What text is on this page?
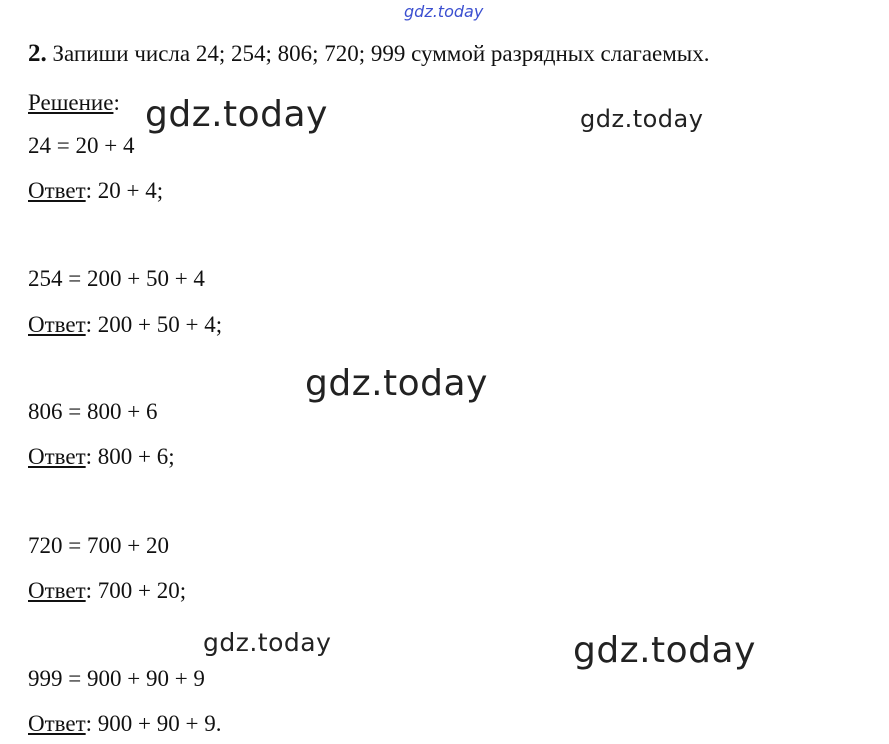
gdz.today
2. Запиши числа 24; 254; 806; 720; 999 суммой разрядных слагаемых.
Решение:
24 = 20 + 4
Ответ: 20 + 4;
254 = 200 + 50 + 4
Ответ: 200 + 50 + 4;
806 = 800 + 6
Ответ: 800 + 6;
720 = 700 + 20
Ответ: 700 + 20;
999 = 900 + 90 + 9
Ответ: 900 + 90 + 9.
gdz.today	gdz.today
gdz.today
gdz.today	gdz.today
